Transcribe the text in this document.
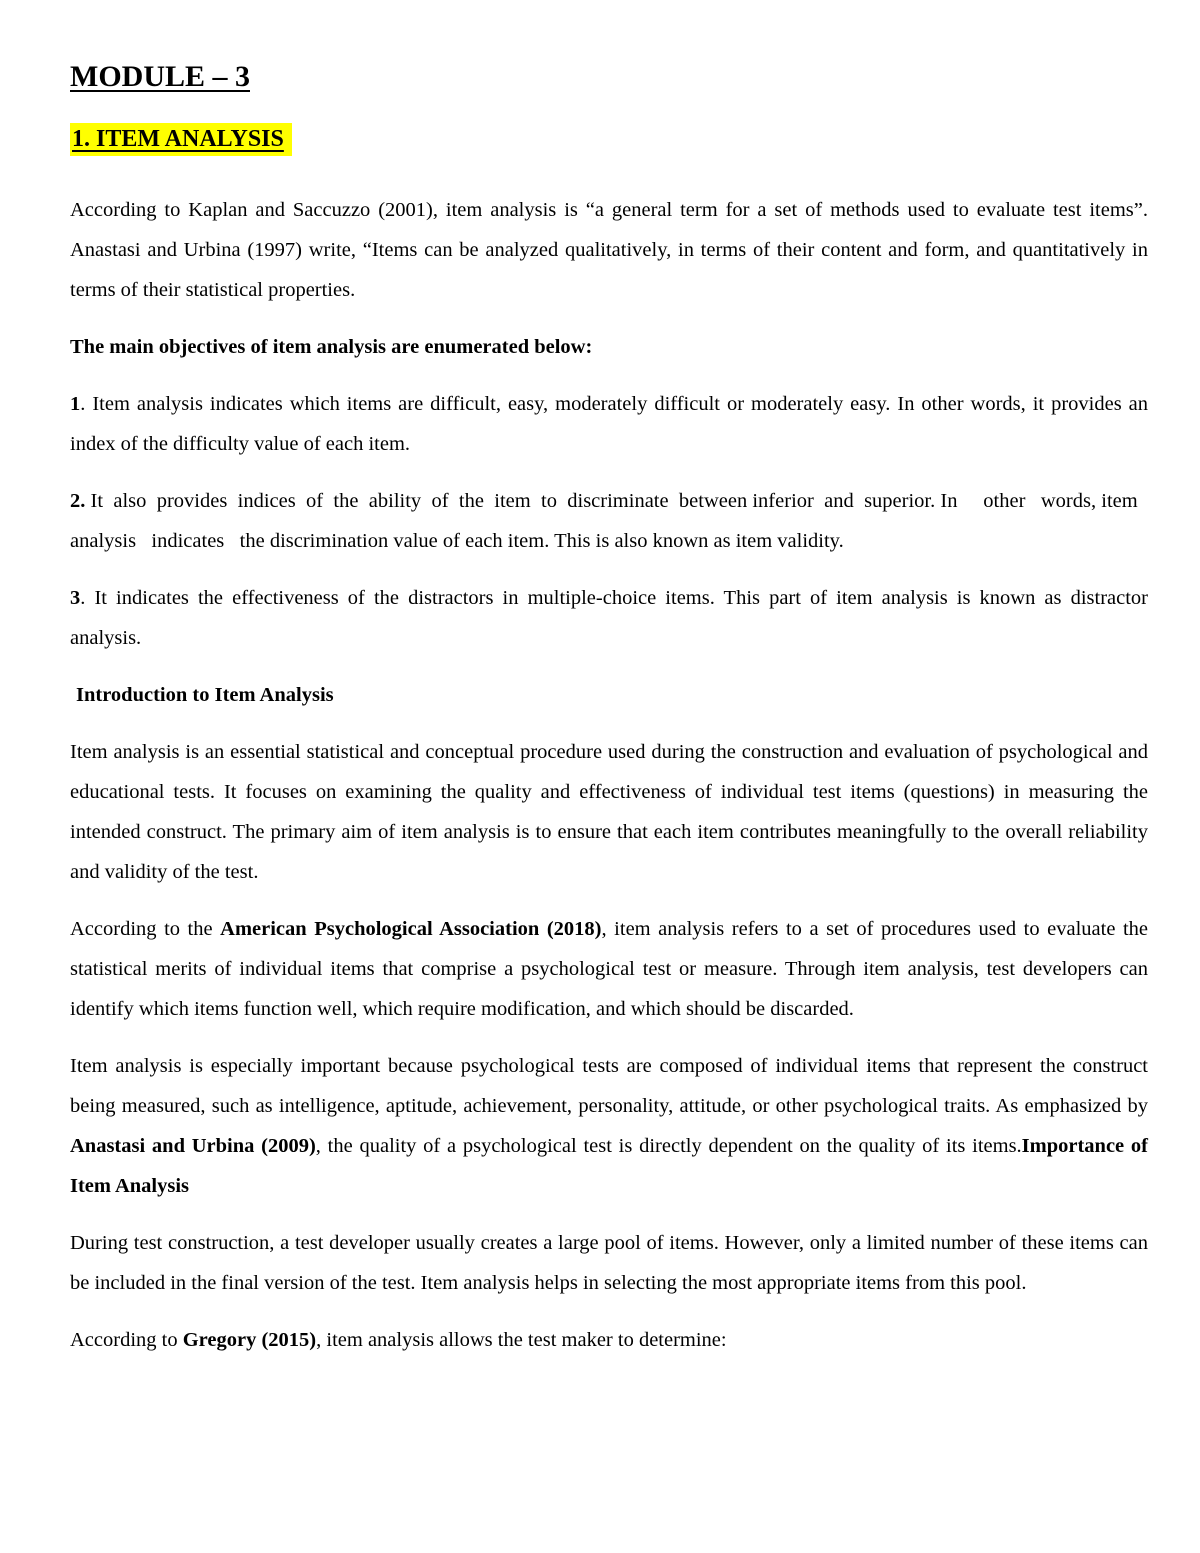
MODULE – 3
1. ITEM ANALYSIS

According to Kaplan and Saccuzzo (2001), item analysis is “a general term for a set of methods used to evaluate test items”. Anastasi and Urbina (1997) write, “Items can be analyzed qualitatively, in terms of their content and form, and quantitatively in terms of their statistical properties.

The main objectives of item analysis are enumerated below:

1. Item analysis indicates which items are difficult, easy, moderately difficult or moderately easy. In other words, it provides an index of the difficulty value of each item.

2. It  also  provides  indices  of  the  ability  of  the  item  to  discriminate  between inferior  and  superior. In     other   words, item   analysis   indicates   the discrimination value of each item. This is also known as item validity.

3. It indicates the effectiveness of the distractors in multiple-choice items. This part of item analysis is known as distractor analysis.

Introduction to Item Analysis

Item analysis is an essential statistical and conceptual procedure used during the construction and evaluation of psychological and educational tests. It focuses on examining the quality and effectiveness of individual test items (questions) in measuring the intended construct. The primary aim of item analysis is to ensure that each item contributes meaningfully to the overall reliability and validity of the test.

According to the American Psychological Association (2018), item analysis refers to a set of procedures used to evaluate the statistical merits of individual items that comprise a psychological test or measure. Through item analysis, test developers can identify which items function well, which require modification, and which should be discarded.

Item analysis is especially important because psychological tests are composed of individual items that represent the construct being measured, such as intelligence, aptitude, achievement, personality, attitude, or other psychological traits. As emphasized by Anastasi and Urbina (2009), the quality of a psychological test is directly dependent on the quality of its items.Importance of Item Analysis

During test construction, a test developer usually creates a large pool of items. However, only a limited number of these items can be included in the final version of the test. Item analysis helps in selecting the most appropriate items from this pool.

According to Gregory (2015), item analysis allows the test maker to determine:
